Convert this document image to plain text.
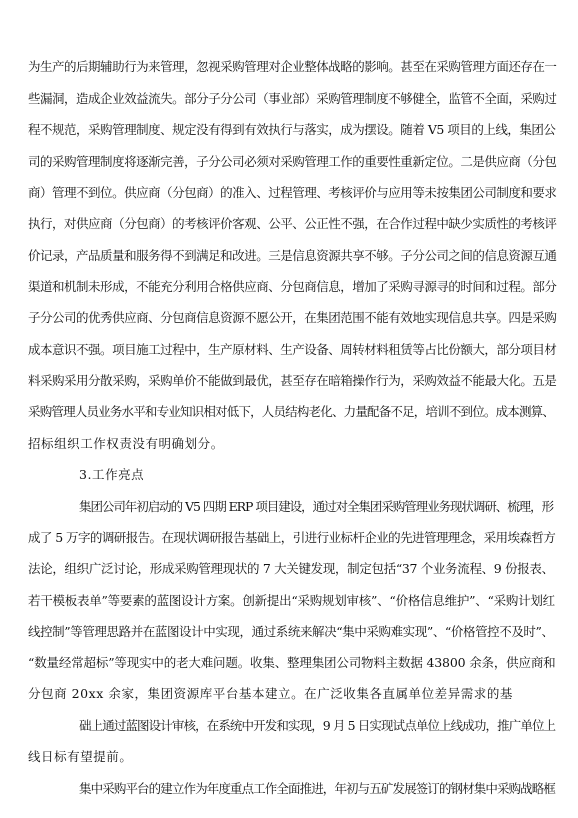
为生产的后期辅助行为来管理，忽视采购管理对企业整体战略的影响。甚至在采购管理方面还存在一
些漏洞，造成企业效益流失。部分子分公司（事业部）采购管理制度不够健全，监管不全面，采购过
程不规范，采购管理制度、规定没有得到有效执行与落实，成为摆设。随着 V5 项目的上线，集团公
司的采购管理制度将逐渐完善，子分公司必须对采购管理工作的重要性重新定位。二是供应商（分包
商）管理不到位。供应商（分包商）的准入、过程管理、考核评价与应用等未按集团公司制度和要求
执行，对供应商（分包商）的考核评价客观、公平、公正性不强，在合作过程中缺少实质性的考核评
价记录，产品质量和服务得不到满足和改进。三是信息资源共享不够。子分公司之间的信息资源互通
渠道和机制未形成，不能充分利用合格供应商、分包商信息，增加了采购寻源寻的时间和过程。部分
子分公司的优秀供应商、分包商信息资源不愿公开，在集团范围不能有效地实现信息共享。四是采购
成本意识不强。项目施工过程中，生产原材料、生产设备、周转材料租赁等占比份额大，部分项目材
料采购采用分散采购，采购单价不能做到最优，甚至存在暗箱操作行为，采购效益不能最大化。五是
采购管理人员业务水平和专业知识相对低下，人员结构老化、力量配备不足，培训不到位。成本测算、
招标组织工作权责没有明确划分。
3.工作亮点
集团公司年初启动的 V5 四期 ERP 项目建设，通过对全集团采购管理业务现状调研、梳理，形
成了 5 万字的调研报告。在现状调研报告基础上，引进行业标杆企业的先进管理理念，采用埃森哲方
法论，组织广泛讨论，形成采购管理现状的 7 大关键发现，制定包括“37 个业务流程、9 份报表、
若干模板表单”等要素的蓝图设计方案。创新提出“采购规划审核”、“价格信息维护”、“采购计划红
线控制”等管理思路并在蓝图设计中实现，通过系统来解决“集中采购难实现”、“价格管控不及时”、
“数量经常超标”等现实中的老大难问题。收集、整理集团公司物料主数据 43800 余条，供应商和
分包商 20xx 余家，集团资源库平台基本建立。在广泛收集各直属单位差异需求的基
础上通过蓝图设计审核，在系统中开发和实现，9 月 5 日实现试点单位上线成功，推广单位上
线日标有望提前。
集中采购平台的建立作为年度重点工作全面推进，年初与五矿发展签订的钢材集中采购战略框
